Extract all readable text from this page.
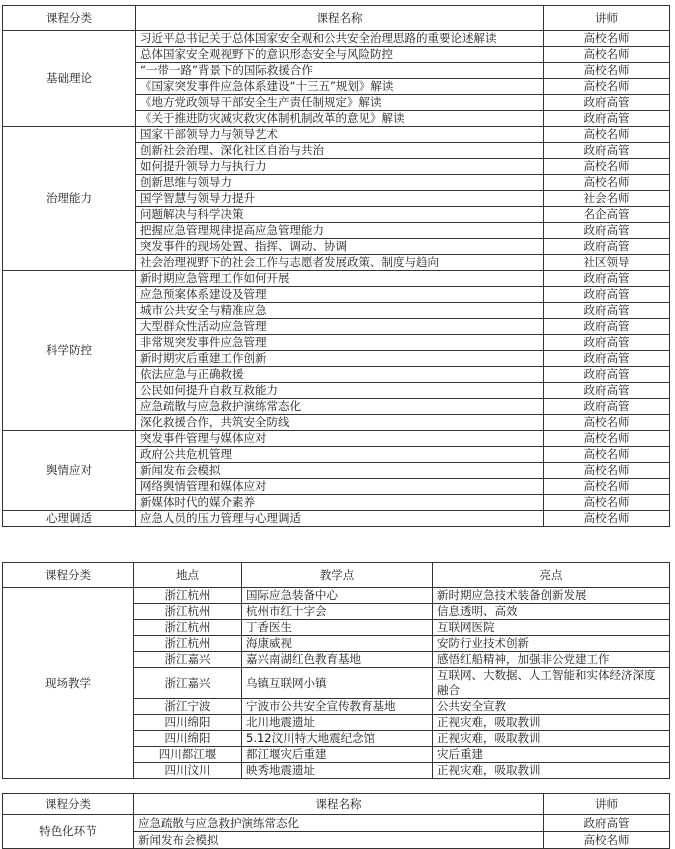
课程分类	课程名称	讲师
基础理论	习近平总书记关于总体国家安全观和公共安全治理思路的重要论述解读	高校名师
	总体国家安全观视野下的意识形态安全与风险防控	高校名师
	“一带一路”背景下的国际救援合作	高校名师
	《国家突发事件应急体系建设“十三五”规划》解读	高校名师
	《地方党政领导干部安全生产责任制规定》解读	政府高管
	《关于推进防灾减灾救灾体制机制改革的意见》解读	政府高管
治理能力	国家干部领导力与领导艺术	高校名师
	创新社会治理、深化社区自治与共治	政府高管
	如何提升领导力与执行力	高校名师
	创新思维与领导力	高校名师
	国学智慧与领导力提升	社会名师
	问题解决与科学决策	名企高管
	把握应急管理规律提高应急管理能力	政府高管
	突发事件的现场处置、指挥、调动、协调	政府高管
	社会治理视野下的社会工作与志愿者发展政策、制度与趋向	社区领导
科学防控	新时期应急管理工作如何开展	政府高管
	应急预案体系建设及管理	政府高管
	城市公共安全与精准应急	政府高管
	大型群众性活动应急管理	政府高管
	非常规突发事件应急管理	政府高管
	新时期灾后重建工作创新	政府高管
	依法应急与正确救援	政府高管
	公民如何提升自救互救能力	政府高管
	应急疏散与应急救护演练常态化	政府高管
	深化救援合作，共筑安全防线	高校名师
舆情应对	突发事件管理与媒体应对	高校名师
	政府公共危机管理	高校名师
	新闻发布会模拟	高校名师
	网络舆情管理和媒体应对	高校名师
	新媒体时代的媒介素养	高校名师
心理调适	应急人员的压力管理与心理调适	高校名师
课程分类	地点	教学点	亮点
现场教学	浙江杭州	国际应急装备中心	新时期应急技术装备创新发展
	浙江杭州	杭州市红十字会	信息透明、高效
	浙江杭州	丁香医生	互联网医院
	浙江杭州	海康威视	安防行业技术创新
	浙江嘉兴	嘉兴南湖红色教育基地	感悟红船精神，加强非公党建工作
	浙江嘉兴	乌镇互联网小镇	互联网、大数据、人工智能和实体经济深度融合
	浙江宁波	宁波市公共安全宣传教育基地	公共安全宣教
	四川绵阳	北川地震遗址	正视灾难，吸取教训
	四川绵阳	5.12汶川特大地震纪念馆	正视灾难，吸取教训
	四川都江堰	都江堰灾后重建	灾后重建
	四川汶川	映秀地震遗址	正视灾难，吸取教训
课程分类	课程名称	讲师
特色化环节	应急疏散与应急救护演练常态化	政府高管
	新闻发布会模拟	高校名师
